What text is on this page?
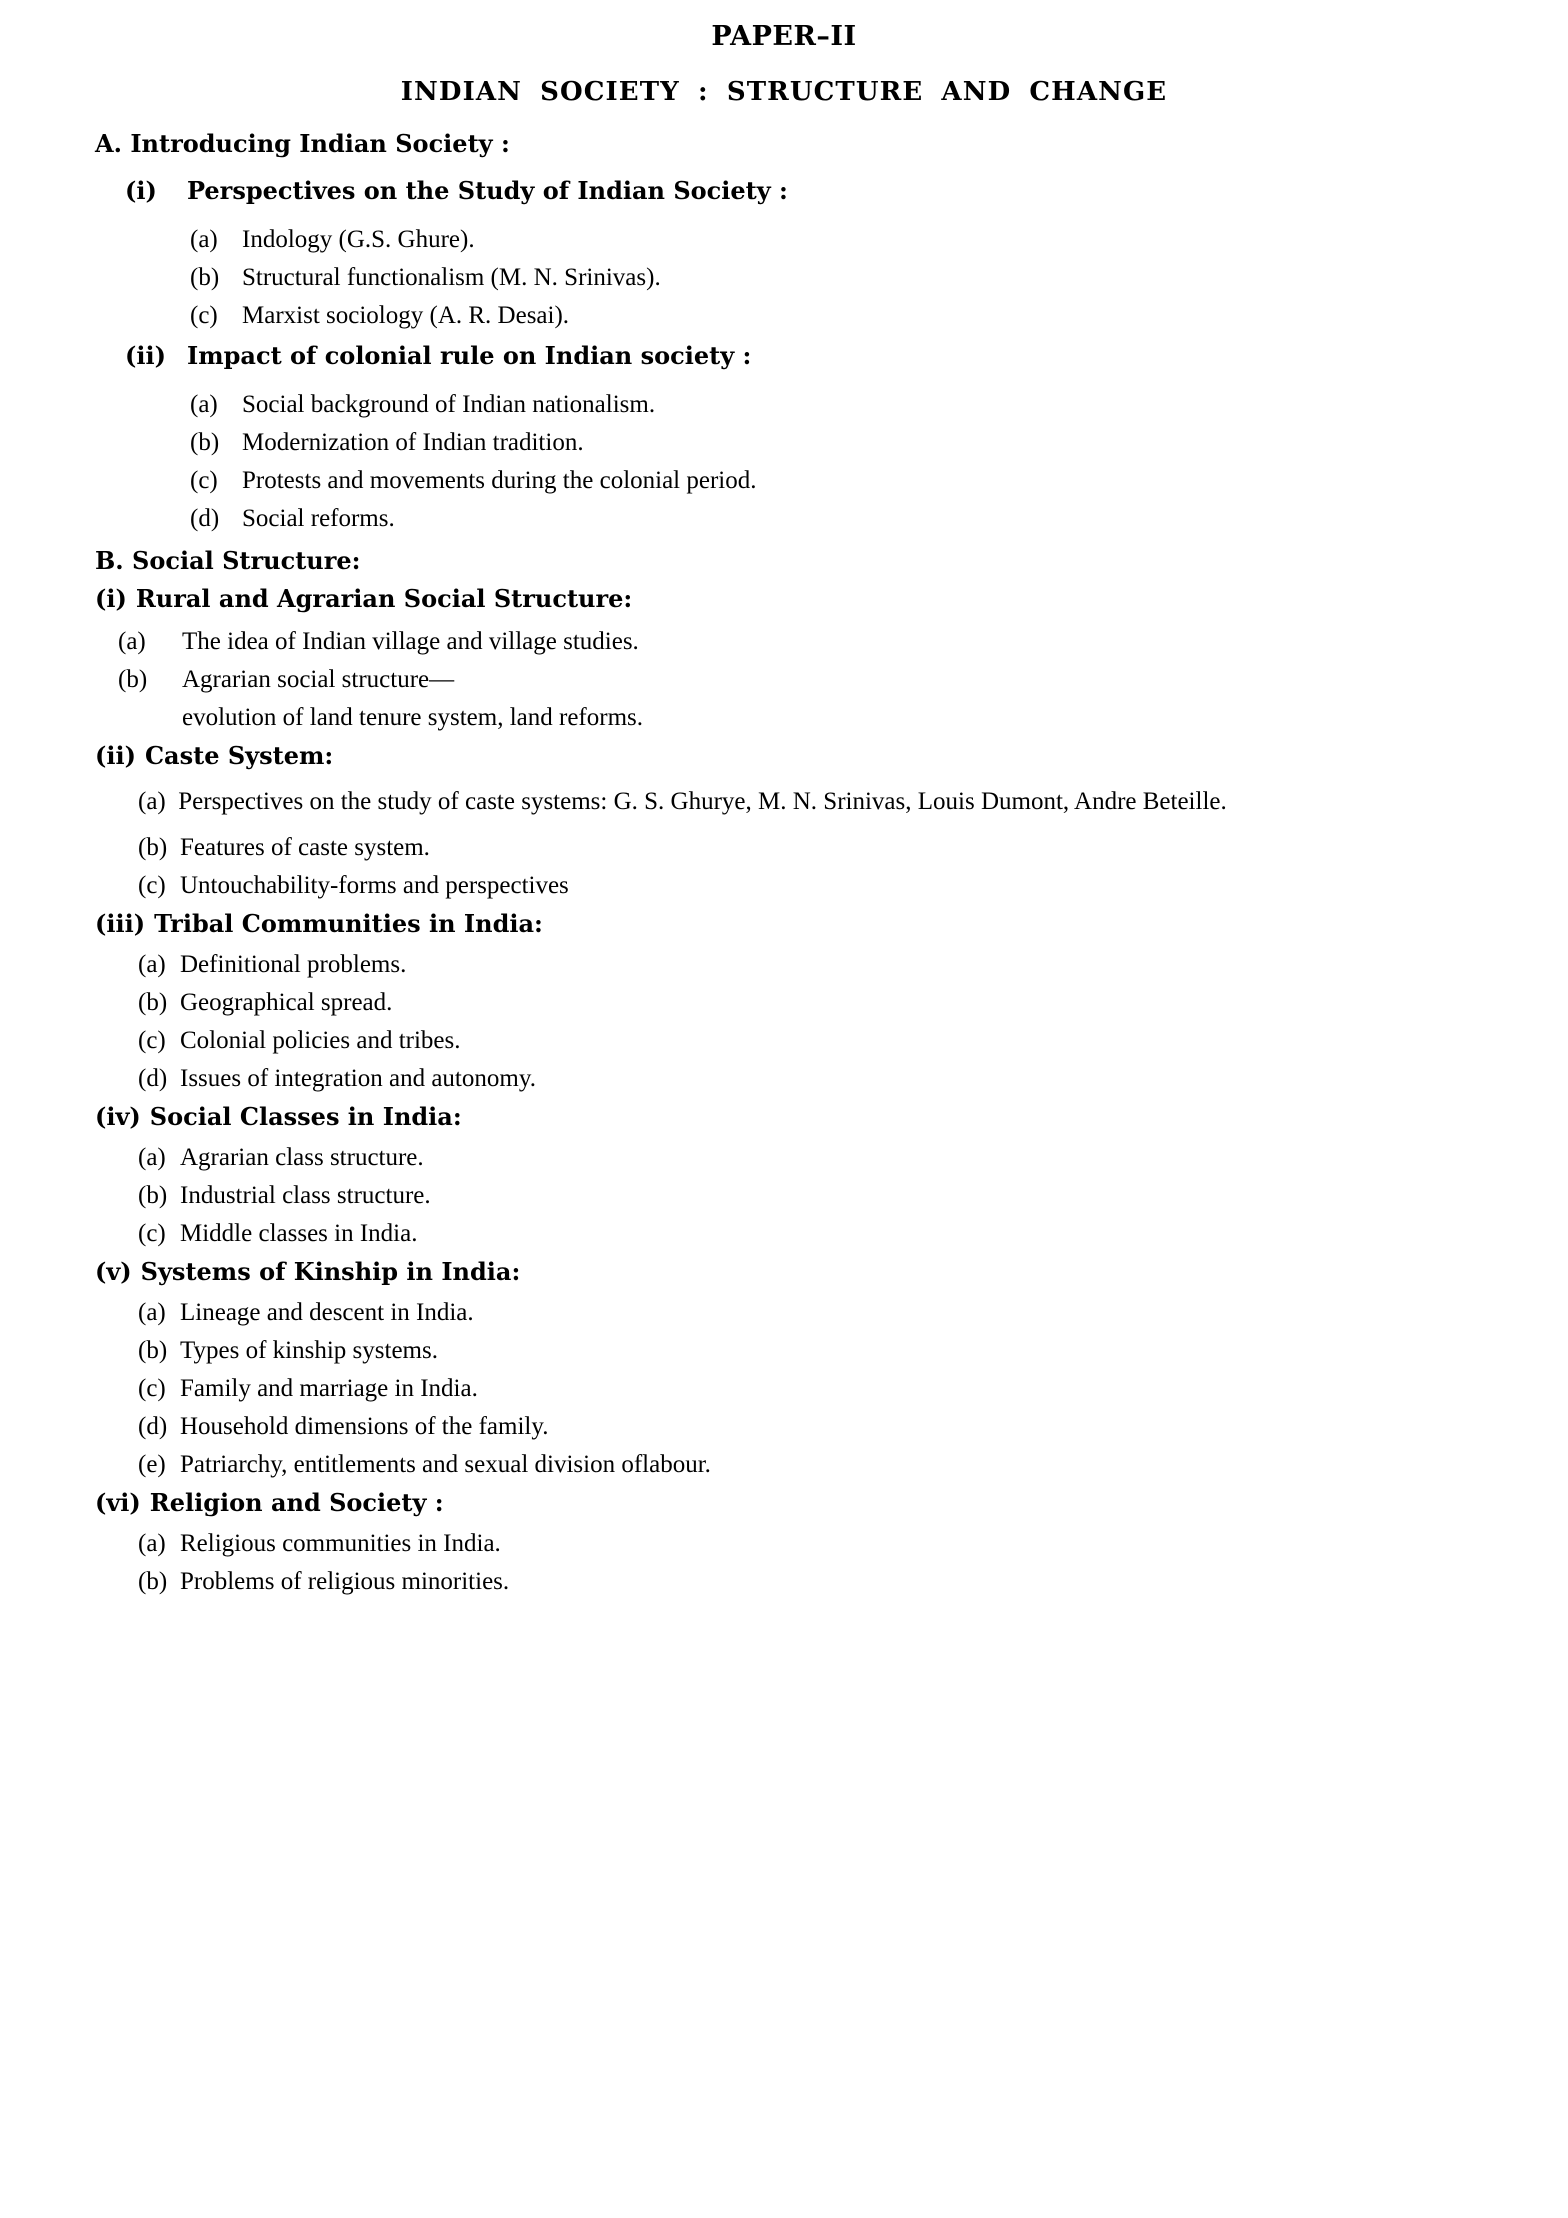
PAPER–II
INDIAN SOCIETY : STRUCTURE AND CHANGE
A. Introducing Indian Society :
(i)	Perspectives on the Study of Indian Society :
(a) Indology (G.S. Ghure).
(b) Structural functionalism (M. N. Srinivas).
(c) Marxist sociology (A. R. Desai).
(ii) Impact of colonial rule on Indian society :
(a) Social background of Indian nationalism.
(b) Modernization of Indian tradition.
(c) Protests and movements during the colonial period.
(d) Social reforms.
B. Social Structure:
(i) Rural and Agrarian Social Structure:
(a)	The idea of Indian village and village studies.
(b)	Agrarian social structure—
evolution of land tenure system, land reforms.
(ii) Caste System:
(a) Perspectives on the study of caste systems: G. S. Ghurye, M. N. Srinivas, Louis Dumont, Andre Beteille.
(b) Features of caste system.
(c) Untouchability-forms and perspectives
(iii) Tribal Communities in India:
(a) Definitional problems.
(b) Geographical spread.
(c) Colonial policies and tribes.
(d) Issues of integration and autonomy.
(iv) Social Classes in India:
(a) Agrarian class structure.
(b) Industrial class structure.
(c) Middle classes in India.
(v) Systems of Kinship in India:
(a) Lineage and descent in India.
(b) Types of kinship systems.
(c) Family and marriage in India.
(d) Household dimensions of the family.
(e) Patriarchy, entitlements and sexual division oflabour.
(vi) Religion and Society :
(a) Religious communities in India.
(b) Problems of religious minorities.
